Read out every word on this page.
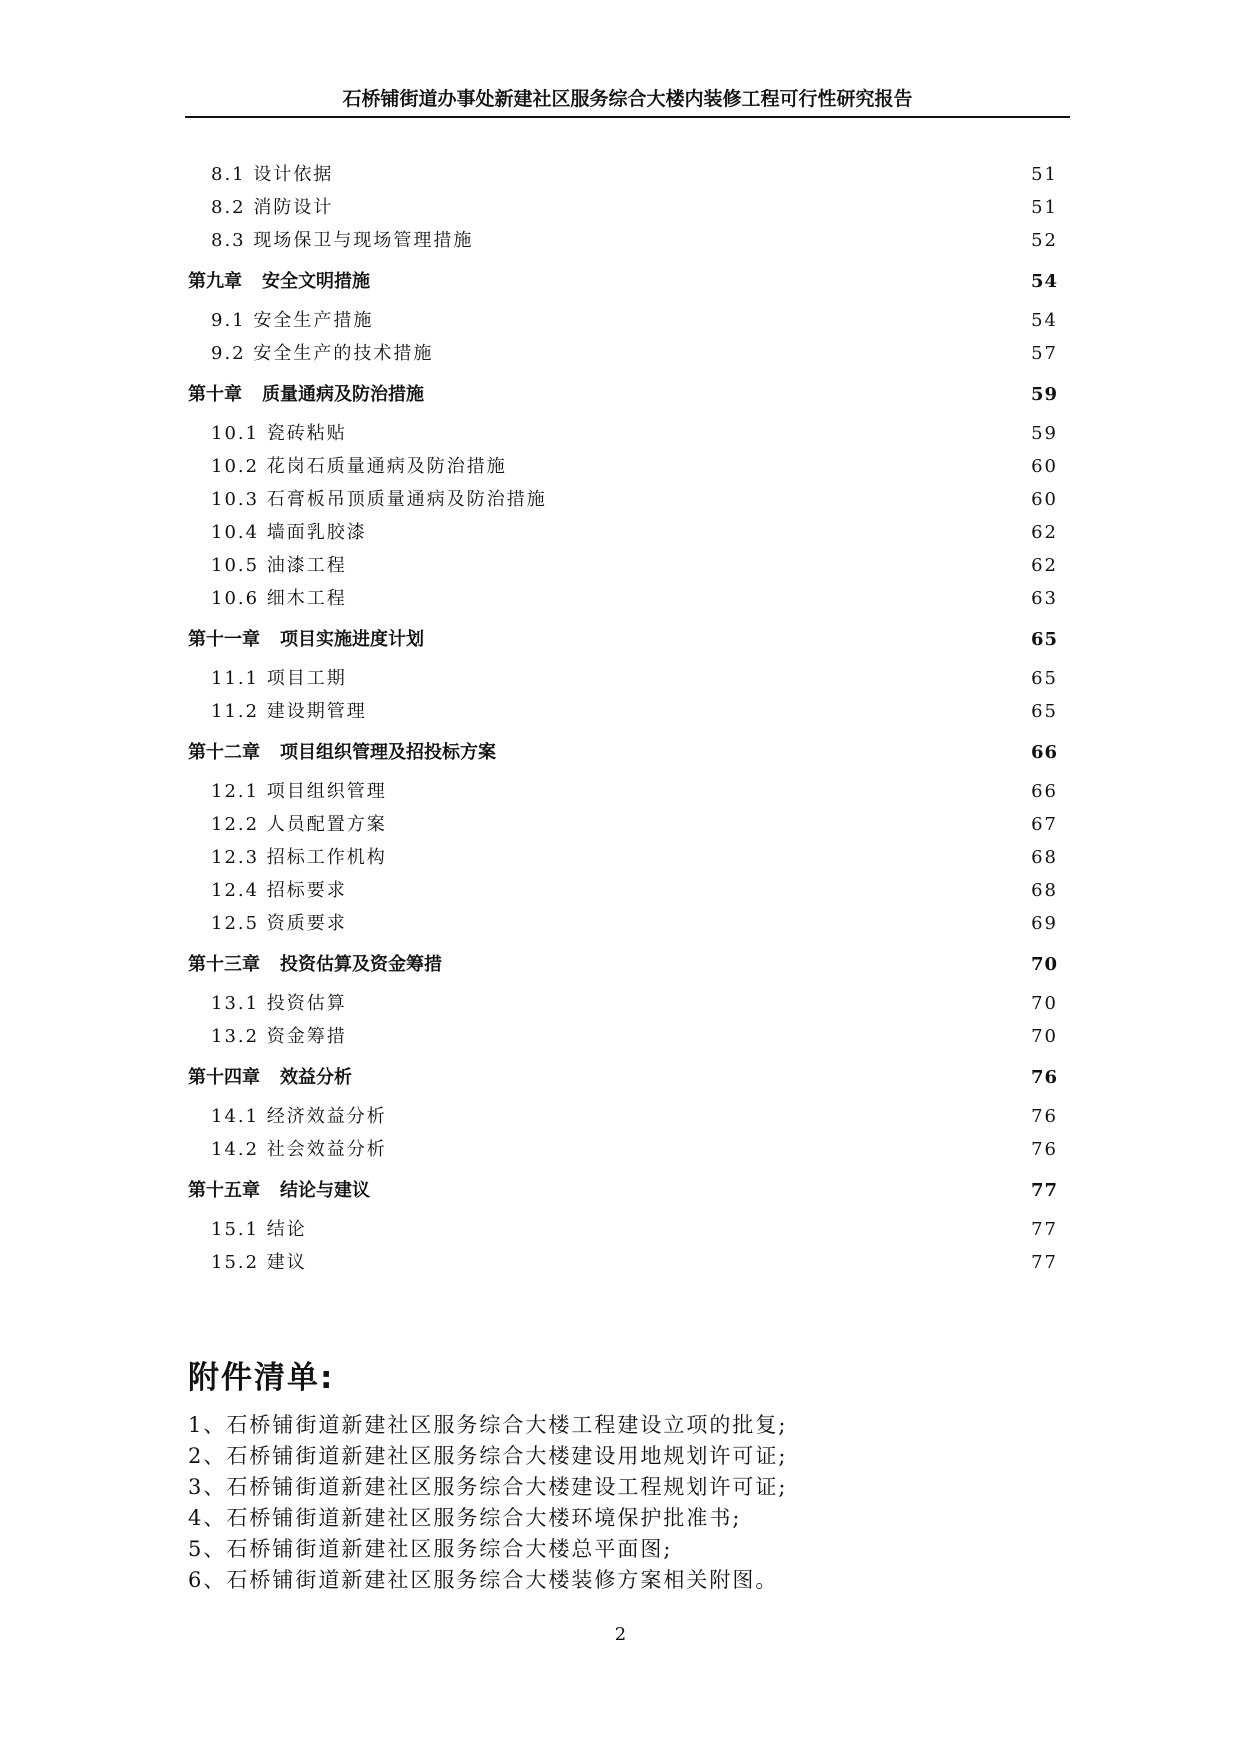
石桥铺街道办事处新建社区服务综合大楼内装修工程可行性研究报告
8.1 设计依据 . . .	51
8.2 消防设计 . . .	51
8.3 现场保卫与现场管理措施 . . .	52
第九章 安全文明措施 .....	54
9.1 安全生产措施 . . .	54
9.2 安全生产的技术措施 . . .	57
第十章 质量通病及防治措施 .....	59
10.1 瓷砖粘贴 . . .	59
10.2 花岗石质量通病及防治措施 . . .	60
10.3 石膏板吊顶质量通病及防治措施 . . .	60
10.4 墙面乳胶漆 . . .	62
10.5 油漆工程 . . .	62
10.6 细木工程 . . .	63
第十一章 项目实施进度计划 .....	65
11.1 项目工期 . . .	65
11.2 建设期管理 . . .	65
第十二章 项目组织管理及招投标方案 .....	66
12.1 项目组织管理 . . .	66
12.2 人员配置方案 . . .	67
12.3 招标工作机构 . . .	68
12.4 招标要求 . . .	68
12.5 资质要求 . . .	69
第十三章 投资估算及资金筹措 .....	70
13.1 投资估算 . . .	70
13.2 资金筹措 . . .	70
第十四章 效益分析 .....	76
14.1 经济效益分析 . . .	76
14.2 社会效益分析 . . .	76
第十五章 结论与建议 .....	77
15.1 结论 . . .	77
15.2 建议 . . .	77
附件清单:
1、石桥铺街道新建社区服务综合大楼工程建设立项的批复;
2、石桥铺街道新建社区服务综合大楼建设用地规划许可证;
3、石桥铺街道新建社区服务综合大楼建设工程规划许可证;
4、石桥铺街道新建社区服务综合大楼环境保护批准书;
5、石桥铺街道新建社区服务综合大楼总平面图;
6、石桥铺街道新建社区服务综合大楼装修方案相关附图。
2
